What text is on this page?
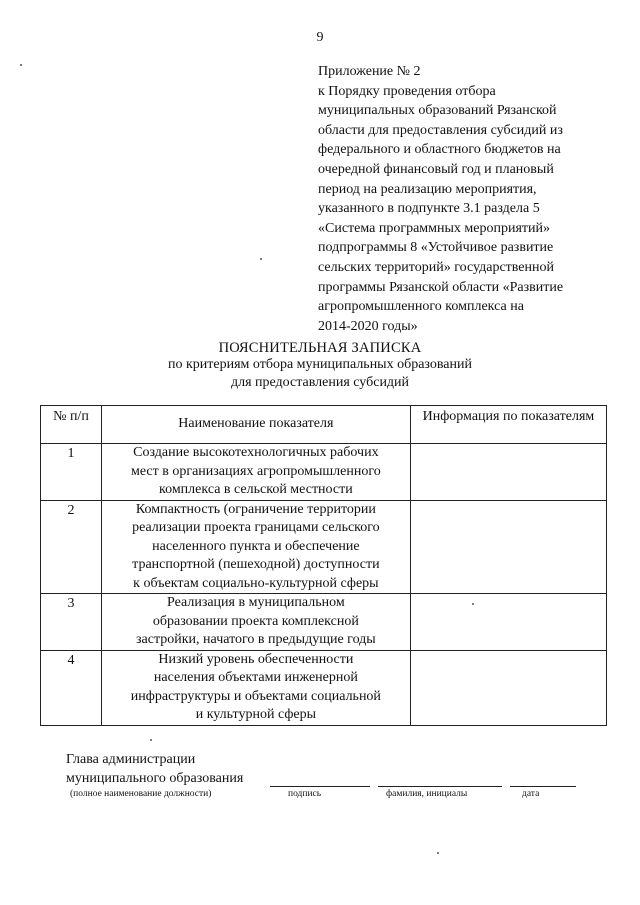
9
Приложение № 2
к Порядку проведения отбора
муниципальных образований Рязанской
области для предоставления субсидий из
федерального и областного бюджетов на
очередной финансовый год и плановый
период на реализацию мероприятия,
указанного в подпункте 3.1 раздела 5
«Система программных мероприятий»
подпрограммы 8 «Устойчивое развитие
сельских территорий» государственной
программы Рязанской области «Развитие
агропромышленного комплекса на
2014-2020 годы»
ПОЯСНИТЕЛЬНАЯ ЗАПИСКА
по критериям отбора муниципальных образований
для предоставления субсидий
№ п/п	Наименование показателя	Информация по показателям
1	Создание высокотехнологичных рабочих
мест в организациях агропромышленного
комплекса в сельской местности	

2	Компактность (ограничение территории
реализации проекта границами сельского
населенного пункта и обеспечение
транспортной (пешеходной) доступности
к объектам социально-культурной сферы	

3	Реализация в муниципальном
образовании проекта комплексной
застройки, начатого в предыдущие годы	

4	Низкий уровень обеспеченности
населения объектами инженерной
инфраструктуры и объектами социальной
и культурной сферы	

Глава администрации
муниципального образования
(полное наименование должности)	подпись	фамилия, инициалы	дата
